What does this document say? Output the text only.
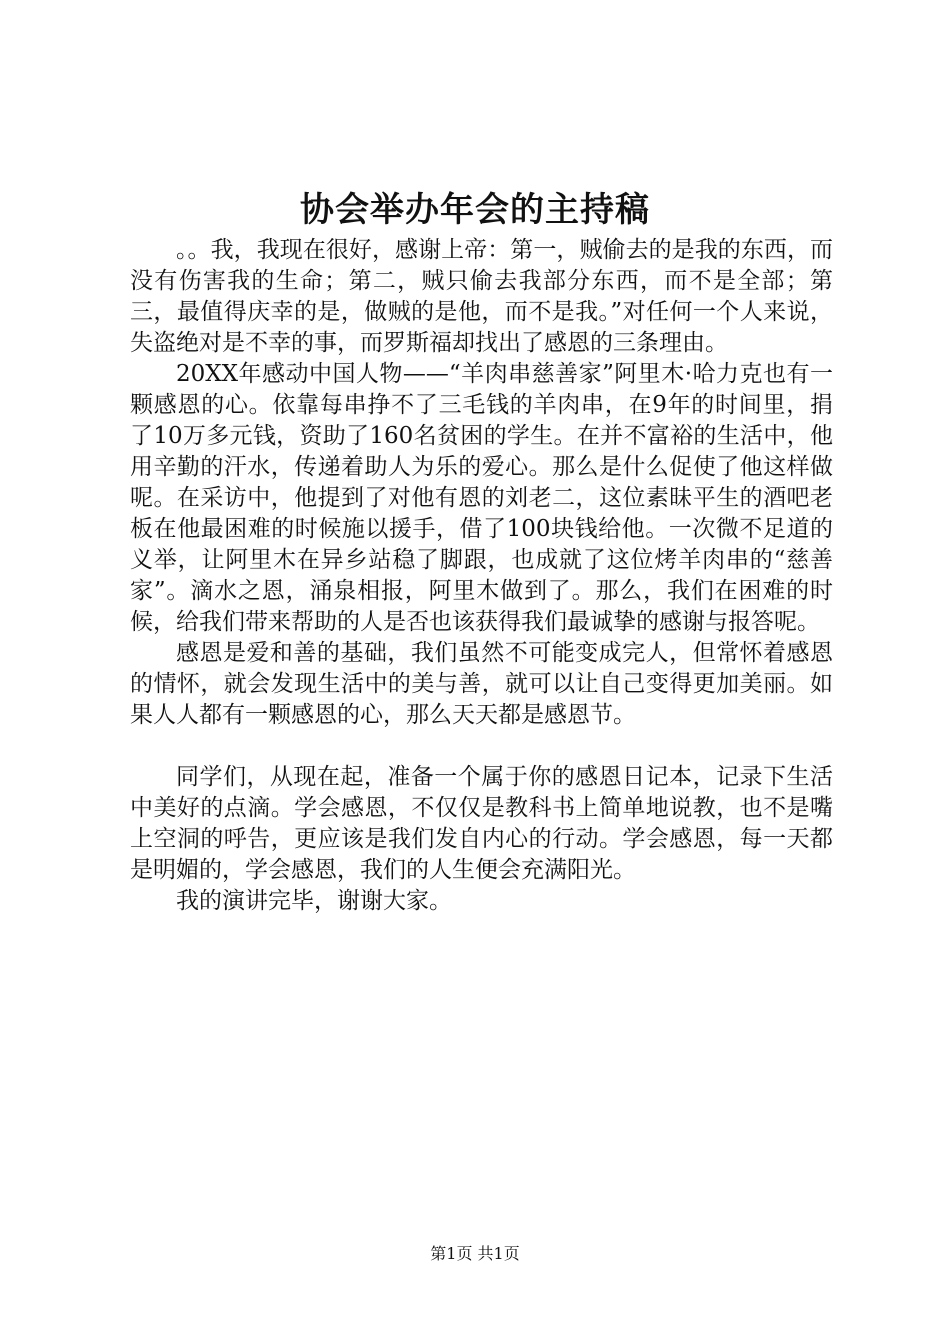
协会举办年会的主持稿

。。我，我现在很好，感谢上帝：第一，贼偷去的是我的东西，而没有伤害我的生命；第二，贼只偷去我部分东西，而不是全部；第三，最值得庆幸的是，做贼的是他，而不是我。”对任何一个人来说，失盗绝对是不幸的事，而罗斯福却找出了感恩的三条理由。

20XX年感动中国人物——“羊肉串慈善家”阿里木·哈力克也有一颗感恩的心。依靠每串挣不了三毛钱的羊肉串，在9年的时间里，捐了10万多元钱，资助了160名贫困的学生。在并不富裕的生活中，他用辛勤的汗水，传递着助人为乐的爱心。那么是什么促使了他这样做呢。在采访中，他提到了对他有恩的刘老二，这位素昧平生的酒吧老板在他最困难的时候施以援手，借了100块钱给他。一次微不足道的义举，让阿里木在异乡站稳了脚跟，也成就了这位烤羊肉串的“慈善家”。滴水之恩，涌泉相报，阿里木做到了。那么，我们在困难的时候，给我们带来帮助的人是否也该获得我们最诚挚的感谢与报答呢。

感恩是爱和善的基础，我们虽然不可能变成完人，但常怀着感恩的情怀，就会发现生活中的美与善，就可以让自己变得更加美丽。如果人人都有一颗感恩的心，那么天天都是感恩节。

同学们，从现在起，准备一个属于你的感恩日记本，记录下生活中美好的点滴。学会感恩，不仅仅是教科书上简单地说教，也不是嘴上空洞的呼告，更应该是我们发自内心的行动。学会感恩，每一天都是明媚的，学会感恩，我们的人生便会充满阳光。

我的演讲完毕，谢谢大家。

第1页 共1页
